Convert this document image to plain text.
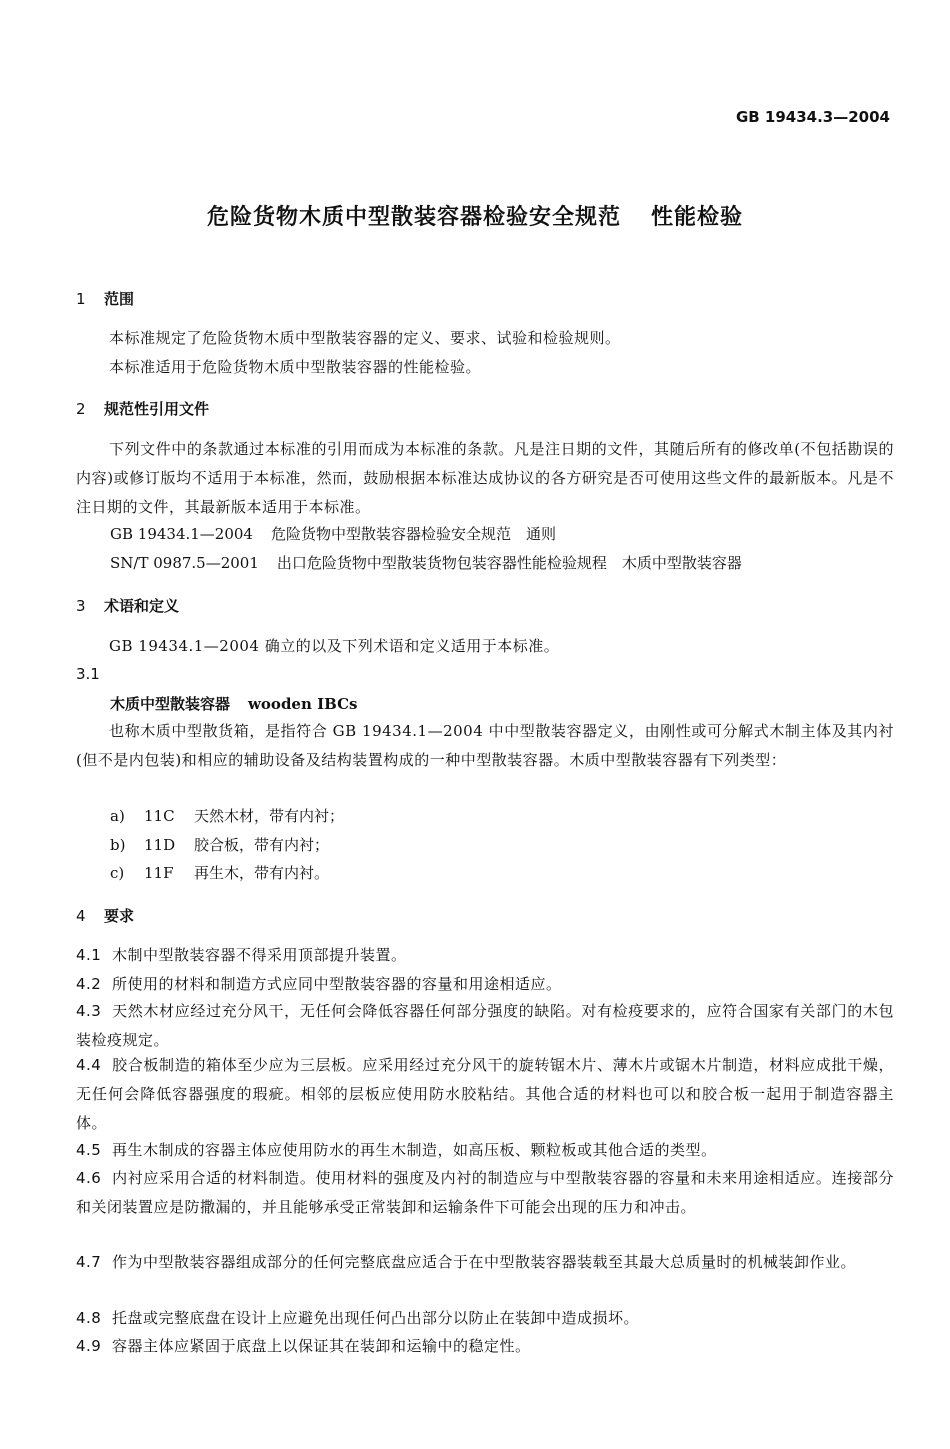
GB 19434.3—2004
危险货物木质中型散装容器检验安全规范 性能检验
1 范围
本标准规定了危险货物木质中型散装容器的定义、要求、试验和检验规则。
本标准适用于危险货物木质中型散装容器的性能检验。
2 规范性引用文件
下列文件中的条款通过本标准的引用而成为本标准的条款。凡是注日期的文件，其随后所有的修改单(不包括勘误的内容)或修订版均不适用于本标准，然而，鼓励根据本标准达成协议的各方研究是否可使用这些文件的最新版本。凡是不注日期的文件，其最新版本适用于本标准。
GB 19434.1—2004 危险货物中型散装容器检验安全规范　通则
SN/T 0987.5—2001 出口危险货物中型散装货物包装容器性能检验规程　木质中型散装容器
3 术语和定义
GB 19434.1—2004 确立的以及下列术语和定义适用于本标准。
3.1
木质中型散装容器 wooden IBCs
也称木质中型散货箱，是指符合 GB 19434.1—2004 中中型散装容器定义，由刚性或可分解式木制主体及其内衬(但不是内包装)和相应的辅助设备及结构装置构成的一种中型散装容器。木质中型散装容器有下列类型：
a) 11C 天然木材，带有内衬；
b) 11D 胶合板，带有内衬；
c) 11F 再生木，带有内衬。
4 要求
4.1 木制中型散装容器不得采用顶部提升装置。
4.2 所使用的材料和制造方式应同中型散装容器的容量和用途相适应。
4.3 天然木材应经过充分风干，无任何会降低容器任何部分强度的缺陷。对有检疫要求的，应符合国家有关部门的木包装检疫规定。
4.4 胶合板制造的箱体至少应为三层板。应采用经过充分风干的旋转锯木片、薄木片或锯木片制造，材料应成批干燥，无任何会降低容器强度的瑕疵。相邻的层板应使用防水胶粘结。其他合适的材料也可以和胶合板一起用于制造容器主体。
4.5 再生木制成的容器主体应使用防水的再生木制造，如高压板、颗粒板或其他合适的类型。
4.6 内衬应采用合适的材料制造。使用材料的强度及内衬的制造应与中型散装容器的容量和未来用途相适应。连接部分和关闭装置应是防撒漏的，并且能够承受正常装卸和运输条件下可能会出现的压力和冲击。
4.7 作为中型散装容器组成部分的任何完整底盘应适合于在中型散装容器装载至其最大总质量时的机械装卸作业。
4.8 托盘或完整底盘在设计上应避免出现任何凸出部分以防止在装卸中造成损坏。
4.9 容器主体应紧固于底盘上以保证其在装卸和运输中的稳定性。
